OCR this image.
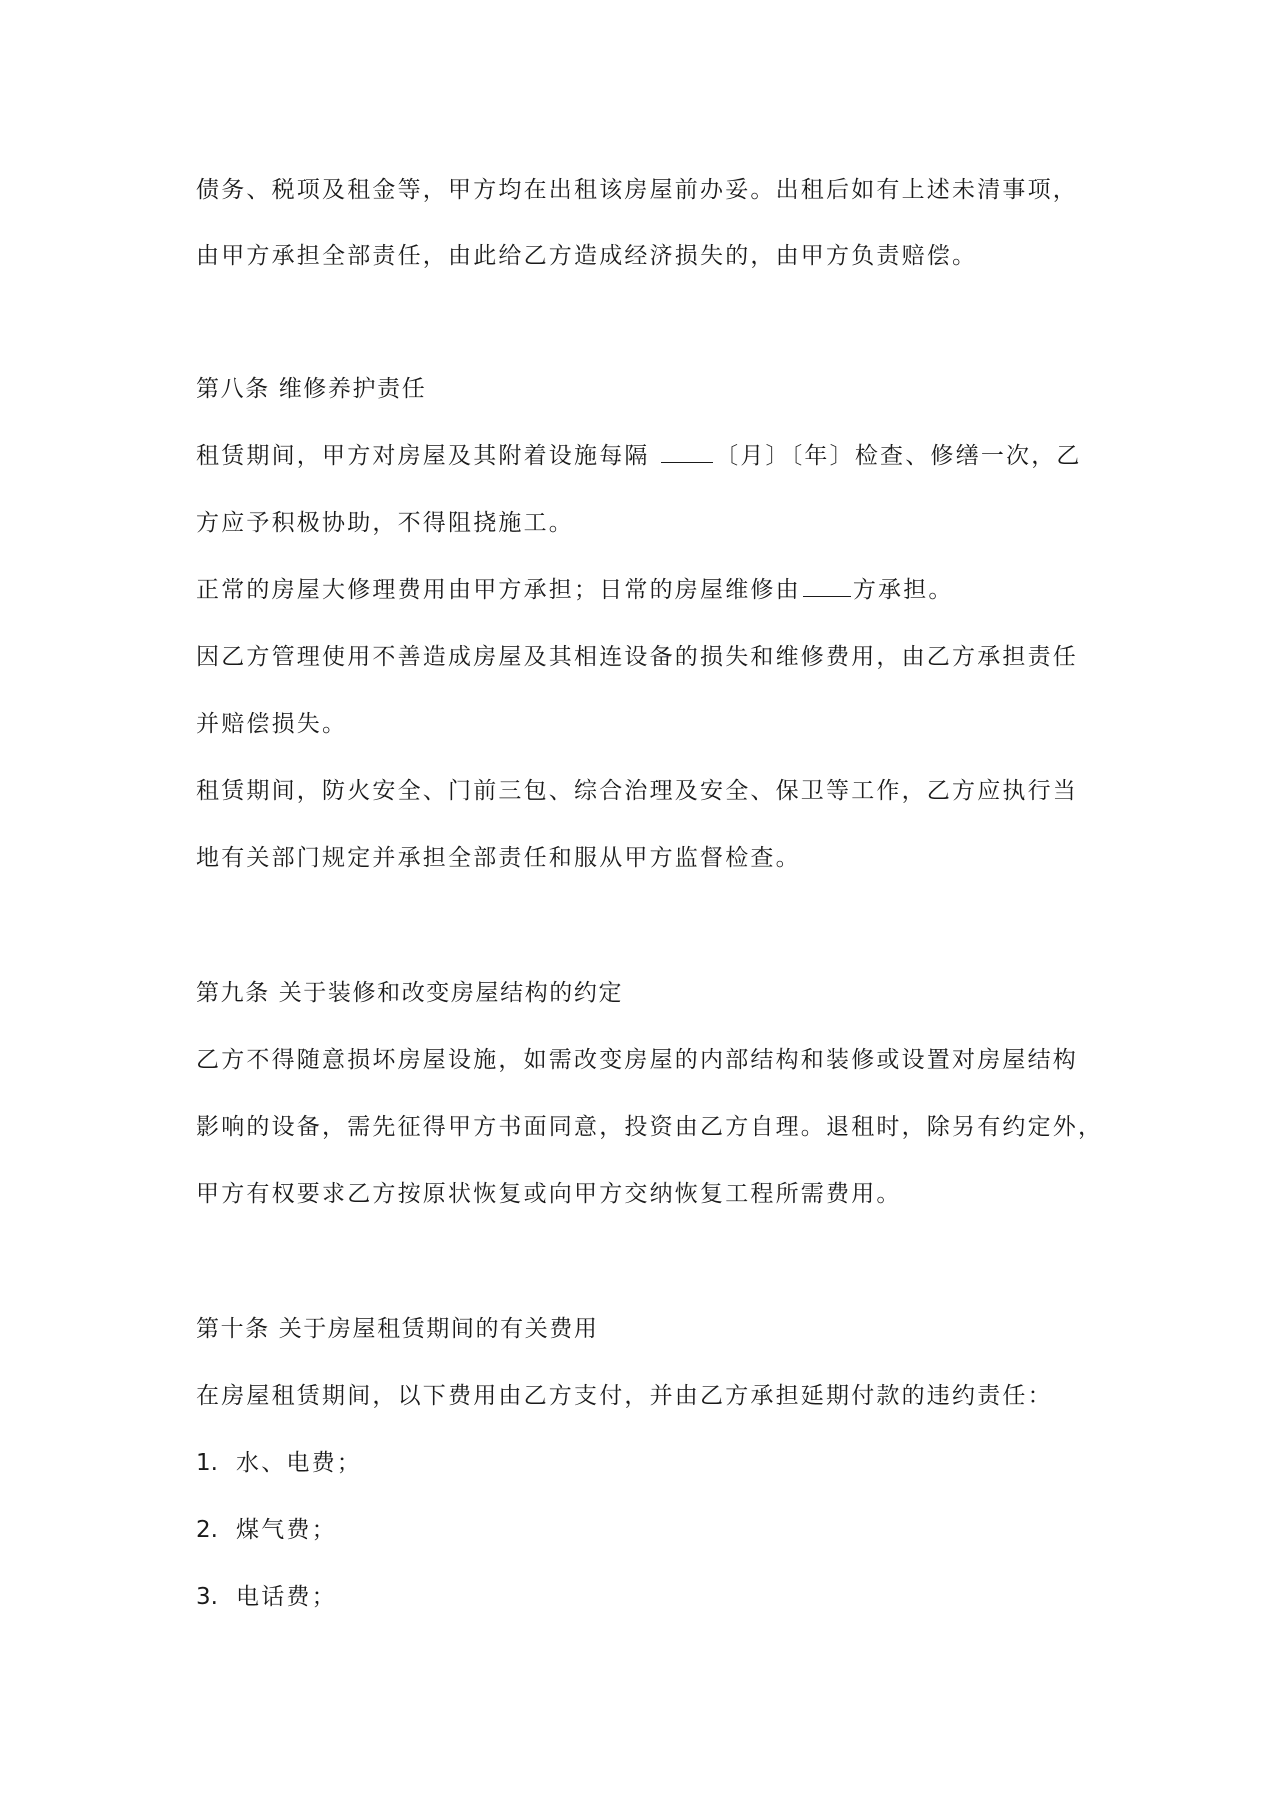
债务、税项及租金等，甲方均在出租该房屋前办妥。出租后如有上述未清事项，
由甲方承担全部责任，由此给乙方造成经济损失的，由甲方负责赔偿。
第八条 维修养护责任
租赁期间，甲方对房屋及其附着设施每隔 〔月〕〔年〕检查、修缮一次，乙
方应予积极协助，不得阻挠施工。
正常的房屋大修理费用由甲方承担；日常的房屋维修由 方承担。
因乙方管理使用不善造成房屋及其相连设备的损失和维修费用，由乙方承担责任
并赔偿损失。
租赁期间，防火安全、门前三包、综合治理及安全、保卫等工作，乙方应执行当
地有关部门规定并承担全部责任和服从甲方监督检查。
第九条 关于装修和改变房屋结构的约定
乙方不得随意损坏房屋设施，如需改变房屋的内部结构和装修或设置对房屋结构
影响的设备，需先征得甲方书面同意，投资由乙方自理。退租时，除另有约定外，
甲方有权要求乙方按原状恢复或向甲方交纳恢复工程所需费用。
第十条 关于房屋租赁期间的有关费用
在房屋租赁期间，以下费用由乙方支付，并由乙方承担延期付款的违约责任：
1. 水、电费；
2. 煤气费；
3. 电话费；
